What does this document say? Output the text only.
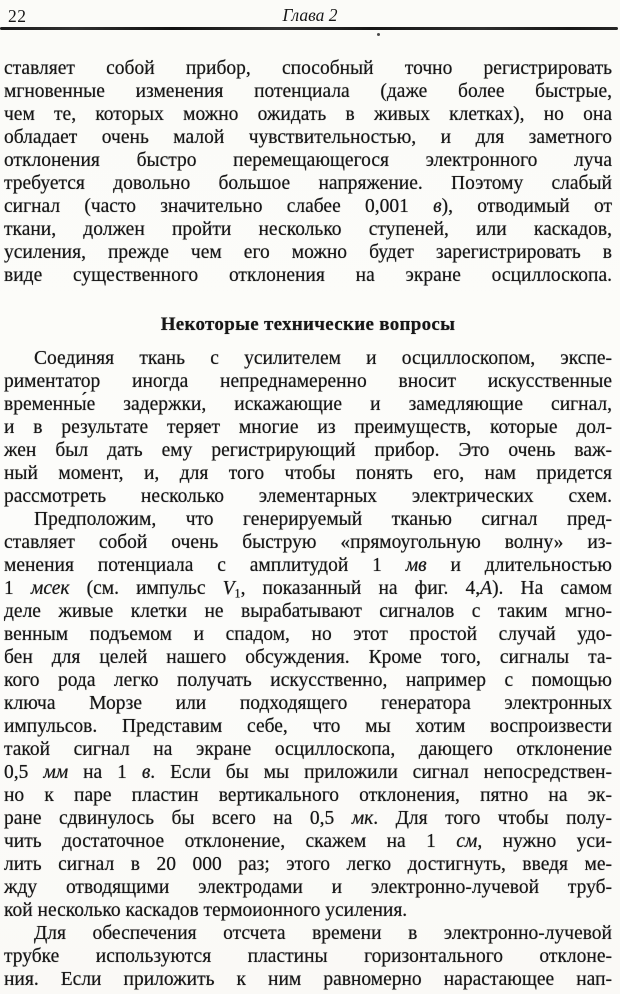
22	Глава 2
ставляет собой прибор, способный точно регистрировать
мгновенные изменения потенциала (даже более быстрые,
чем те, которых можно ожидать в живых клетках), но она
обладает очень малой чувствительностью, и для заметного
отклонения быстро перемещающегося электронного луча
требуется довольно большое напряжение. Поэтому слабый
сигнал (часто значительно слабее 0,001 в), отводимый от
ткани, должен пройти несколько ступеней, или каскадов,
усиления, прежде чем его можно будет зарегистрировать в
виде существенного отклонения на экране осциллоскопа.
Некоторые технические вопросы
Соединяя ткань с усилителем и осциллоскопом, экспе-
риментатор иногда непреднамеренно вносит искусственные
временны́е задержки, искажающие и замедляющие сигнал,
и в результате теряет многие из преимуществ, которые дол-
жен был дать ему регистрирующий прибор. Это очень важ-
ный момент, и, для того чтобы понять его, нам придется
рассмотреть несколько элементарных электрических схем.
Предположим, что генерируемый тканью сигнал пред-
ставляет собой очень быструю «прямоугольную волну» из-
менения потенциала с амплитудой 1 мв и длительностью
1 мсек (см. импульс $V_1$, показанный на фиг. 4,А). На самом
деле живые клетки не вырабатывают сигналов с таким мгно-
венным подъемом и спадом, но этот простой случай удо-
бен для целей нашего обсуждения. Кроме того, сигналы та-
кого рода легко получать искусственно, например с помощью
ключа Морзе или подходящего генератора электронных
импульсов. Представим себе, что мы хотим воспроизвести
такой сигнал на экране осциллоскопа, дающего отклонение
0,5 мм на 1 в. Если бы мы приложили сигнал непосредствен-
но к паре пластин вертикального отклонения, пятно на эк-
ране сдвинулось бы всего на 0,5 мк. Для того чтобы полу-
чить достаточное отклонение, скажем на 1 см, нужно уси-
лить сигнал в 20 000 раз; этого легко достигнуть, введя ме-
жду отводящими электродами и электронно-лучевой труб-
кой несколько каскадов термоионного усиления.
Для обеспечения отсчета времени в электронно-лучевой
трубке используются пластины горизонтального отклоне-
ния. Если приложить к ним равномерно нарастающее нап-
